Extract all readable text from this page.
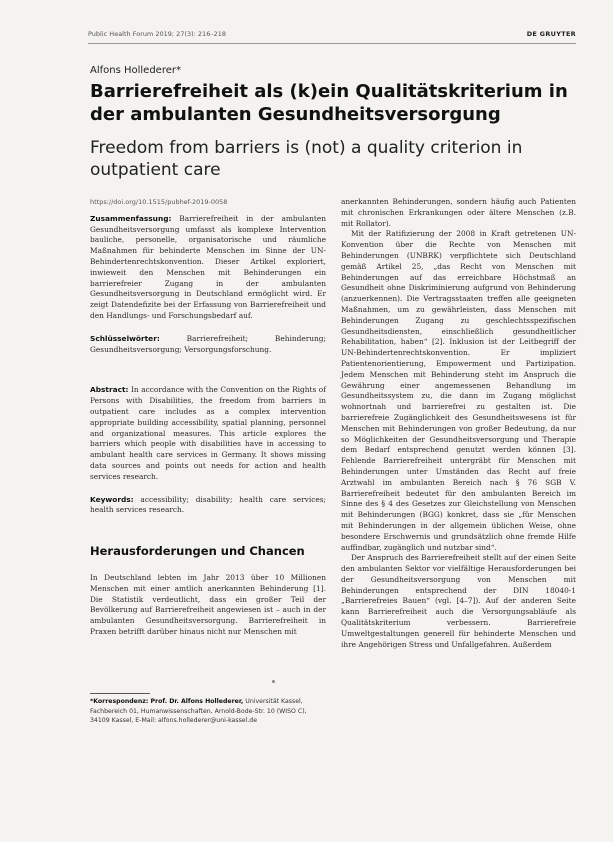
Public Health Forum 2019; 27(3): 216–218	DE GRUYTER
Alfons Hollederer*
Barrierefreiheit als (k)ein Qualitätskriterium in der ambulanten Gesundheitsversorgung
Freedom from barriers is (not) a quality criterion in outpatient care
https://doi.org/10.1515/pubhef-2019-0058

Zusammenfassung: Barrierefreiheit in der ambulanten Gesundheitsversorgung umfasst als komplexe Intervention bauliche, personelle, organisatorische und räumliche Maßnahmen für behinderte Menschen im Sinne der UN-Behindertenrechtskonvention. Dieser Artikel exploriert, inwieweit den Menschen mit Behinderungen ein barrierefreier Zugang in der ambulanten Gesundheitsversorgung in Deutschland ermöglicht wird. Er zeigt Datendefizite bei der Erfassung von Barrierefreiheit und den Handlungs- und Forschungsbedarf auf.

Schlüsselwörter: Barrierefreiheit; Behinderung; Gesundheitsversorgung; Versorgungsforschung.

Abstract: In accordance with the Convention on the Rights of Persons with Disabilities, the freedom from barriers in outpatient care includes as a complex intervention appropriate building accessibility, spatial planning, personnel and organizational measures. This article explores the barriers which people with disabilities have in accessing to ambulant health care services in Germany. It shows missing data sources and points out needs for action and health services research.

Keywords: accessibility; disability; health care services; health services research.

Herausforderungen und Chancen

In Deutschland lebten im Jahr 2013 über 10 Millionen Menschen mit einer amtlich anerkannten Behinderung [1]. Die Statistik verdeutlicht, dass ein großer Teil der Bevölkerung auf Barrierefreiheit angewiesen ist – auch in der ambulanten Gesundheitsversorgung. Barrierefreiheit in Praxen betrifft darüber hinaus nicht nur Menschen mit

anerkannten Behinderungen, sondern häufig auch Patienten mit chronischen Erkrankungen oder ältere Menschen (z.B. mit Rollator).

Mit der Ratifizierung der 2008 in Kraft getretenen UN-Konvention über die Rechte von Menschen mit Behinderungen (UNBRK) verpflichtete sich Deutschland gemäß Artikel 25, „das Recht von Menschen mit Behinderungen auf das erreichbare Höchstmaß an Gesundheit ohne Diskriminierung aufgrund von Behinderung (anzuerkennen). Die Vertragsstaaten treffen alle geeigneten Maßnahmen, um zu gewährleisten, dass Menschen mit Behinderungen Zugang zu geschlechtsspezifischen Gesundheitsdiensten, einschließlich gesundheitlicher Rehabilitation, haben“ [2]. Inklusion ist der Leitbegriff der UN-Behindertenrechtskonvention. Er impliziert Patientenorientierung, Empowerment und Partizipation. Jedem Menschen mit Behinderung steht im Anspruch die Gewährung einer angemessenen Behandlung im Gesundheitssystem zu, die dann im Zugang möglichst wohnortnah und barrierefrei zu gestalten ist. Die barrierefreie Zugänglichkeit des Gesundheitswesens ist für Menschen mit Behinderungen von großer Bedeutung, da nur so Möglichkeiten der Gesundheitsversorgung und Therapie dem Bedarf entsprechend genutzt werden können [3]. Fehlende Barrierefreiheit untergräbt für Menschen mit Behinderungen unter Umständen das Recht auf freie Arztwahl im ambulanten Bereich nach § 76 SGB V. Barrierefreiheit bedeutet für den ambulanten Bereich im Sinne des § 4 des Gesetzes zur Gleichstellung von Menschen mit Behinderungen (BGG) konkret, dass sie „für Menschen mit Behinderungen in der allgemein üblichen Weise, ohne besondere Erschwernis und grundsätzlich ohne fremde Hilfe auffindbar, zugänglich und nutzbar sind“.

Der Anspruch des Barrierefreiheit stellt auf der einen Seite den ambulanten Sektor vor vielfältige Herausforderungen bei der Gesundheitsversorgung von Menschen mit Behinderungen entsprechend der DIN 18040-1 „Barrierefreies Bauen“ (vgl. [4–7]). Auf der anderen Seite kann Barrierefreiheit auch die Versorgungsabläufe als Qualitätskriterium verbessern. Barrierefreie Umweltgestaltungen generell für behinderte Menschen und ihre Angehörigen Stress und Unfallgefahren. Außerdem

*Korrespondenz: Prof. Dr. Alfons Hollederer, Universität Kassel, Fachbereich 01, Humanwissenschaften, Arnold-Bode-Str. 10 (WISO C), 34109 Kassel, E-Mail: alfons.hollederer@uni-kassel.de
